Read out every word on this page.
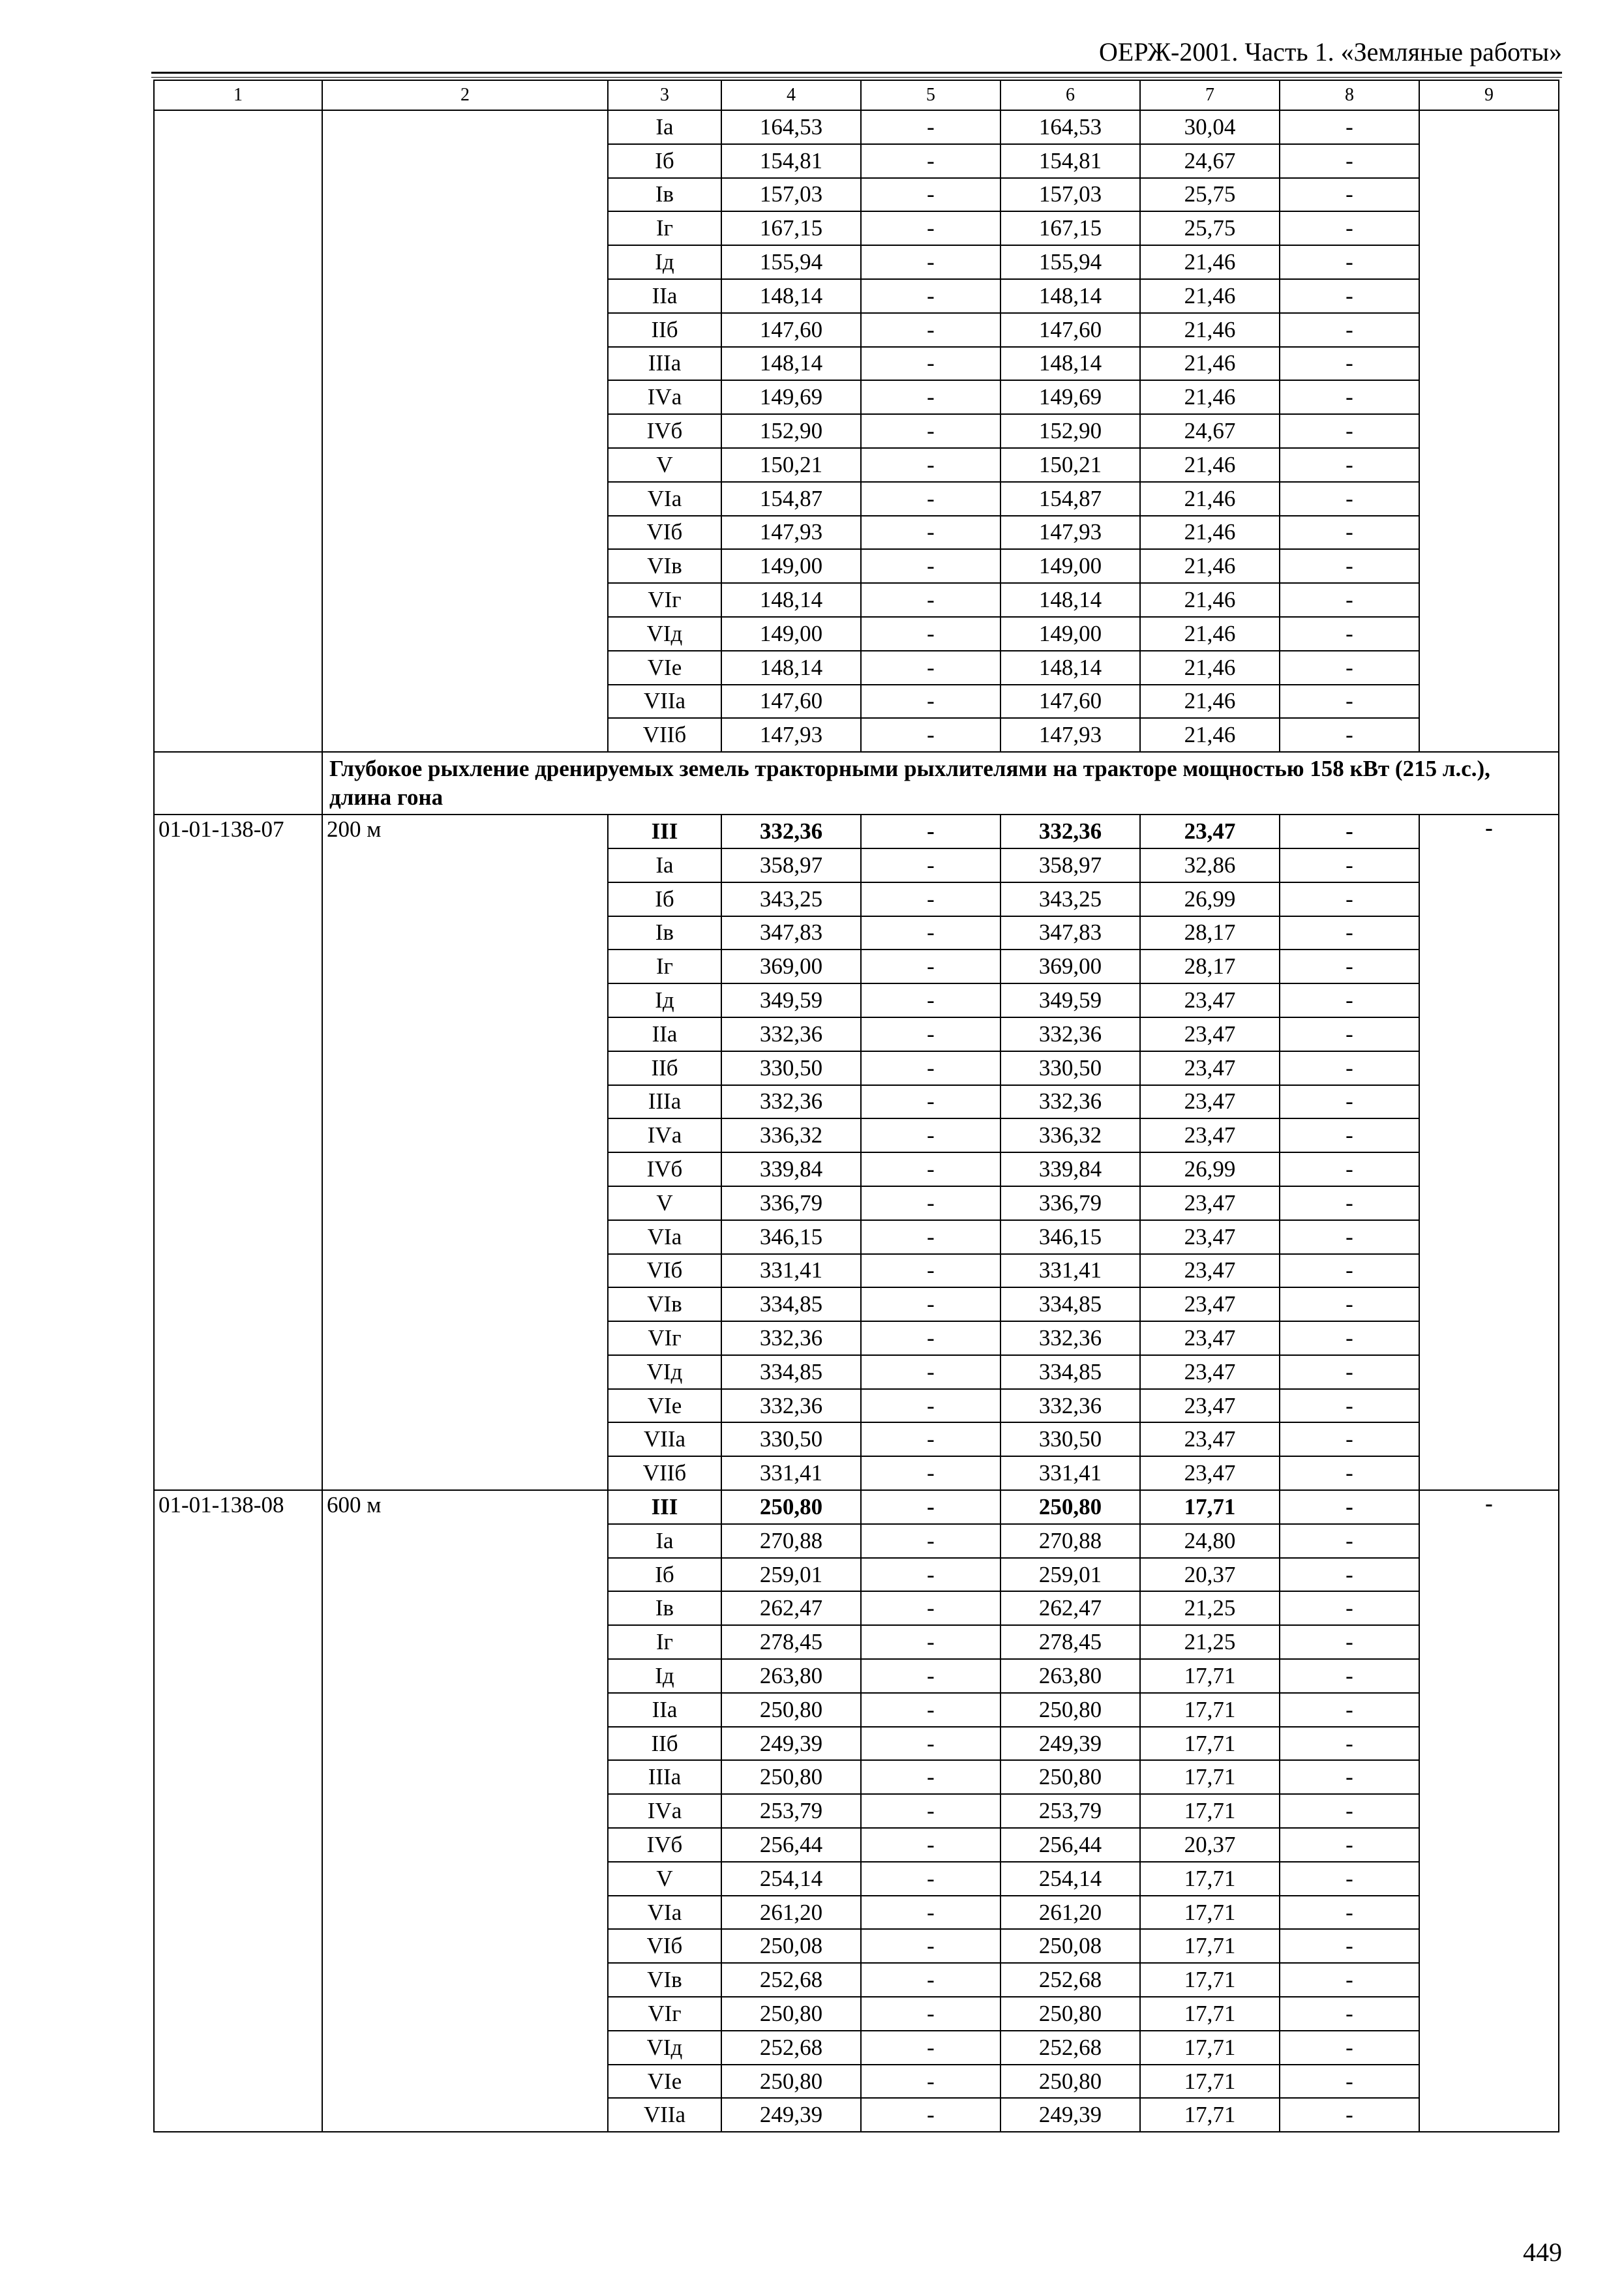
ОЕРЖ-2001. Часть 1. «Земляные работы»
1	2	3	4	5	6	7	8	9
		Iа	164,53	-	164,53	30,04	-	
		Iб	154,81	-	154,81	24,67	-	
		Iв	157,03	-	157,03	25,75	-	
		Iг	167,15	-	167,15	25,75	-	
		Iд	155,94	-	155,94	21,46	-	
		IIа	148,14	-	148,14	21,46	-	
		IIб	147,60	-	147,60	21,46	-	
		IIIа	148,14	-	148,14	21,46	-	
		IVа	149,69	-	149,69	21,46	-	
		IVб	152,90	-	152,90	24,67	-	
		V	150,21	-	150,21	21,46	-	
		VIа	154,87	-	154,87	21,46	-	
		VIб	147,93	-	147,93	21,46	-	
		VIв	149,00	-	149,00	21,46	-	
		VIг	148,14	-	148,14	21,46	-	
		VIд	149,00	-	149,00	21,46	-	
		VIе	148,14	-	148,14	21,46	-	
		VIIа	147,60	-	147,60	21,46	-	
		VIIб	147,93	-	147,93	21,46	-	
	Глубокое рыхление дренируемых земель тракторными рыхлителями на тракторе мощностью 158 кВт (215 л.с.), длина гона							
01-01-138-07	200 м	III	332,36	-	332,36	23,47	-	-
		Iа	358,97	-	358,97	32,86	-	
		Iб	343,25	-	343,25	26,99	-	
		Iв	347,83	-	347,83	28,17	-	
		Iг	369,00	-	369,00	28,17	-	
		Iд	349,59	-	349,59	23,47	-	
		IIа	332,36	-	332,36	23,47	-	
		IIб	330,50	-	330,50	23,47	-	
		IIIа	332,36	-	332,36	23,47	-	
		IVа	336,32	-	336,32	23,47	-	
		IVб	339,84	-	339,84	26,99	-	
		V	336,79	-	336,79	23,47	-	
		VIа	346,15	-	346,15	23,47	-	
		VIб	331,41	-	331,41	23,47	-	
		VIв	334,85	-	334,85	23,47	-	
		VIг	332,36	-	332,36	23,47	-	
		VIд	334,85	-	334,85	23,47	-	
		VIе	332,36	-	332,36	23,47	-	
		VIIа	330,50	-	330,50	23,47	-	
		VIIб	331,41	-	331,41	23,47	-	
01-01-138-08	600 м	III	250,80	-	250,80	17,71	-	-
		Iа	270,88	-	270,88	24,80	-	
		Iб	259,01	-	259,01	20,37	-	
		Iв	262,47	-	262,47	21,25	-	
		Iг	278,45	-	278,45	21,25	-	
		Iд	263,80	-	263,80	17,71	-	
		IIа	250,80	-	250,80	17,71	-	
		IIб	249,39	-	249,39	17,71	-	
		IIIа	250,80	-	250,80	17,71	-	
		IVа	253,79	-	253,79	17,71	-	
		IVб	256,44	-	256,44	20,37	-	
		V	254,14	-	254,14	17,71	-	
		VIа	261,20	-	261,20	17,71	-	
		VIб	250,08	-	250,08	17,71	-	
		VIв	252,68	-	252,68	17,71	-	
		VIг	250,80	-	250,80	17,71	-	
		VIд	252,68	-	252,68	17,71	-	
		VIе	250,80	-	250,80	17,71	-	
		VIIа	249,39	-	249,39	17,71	-	
449
